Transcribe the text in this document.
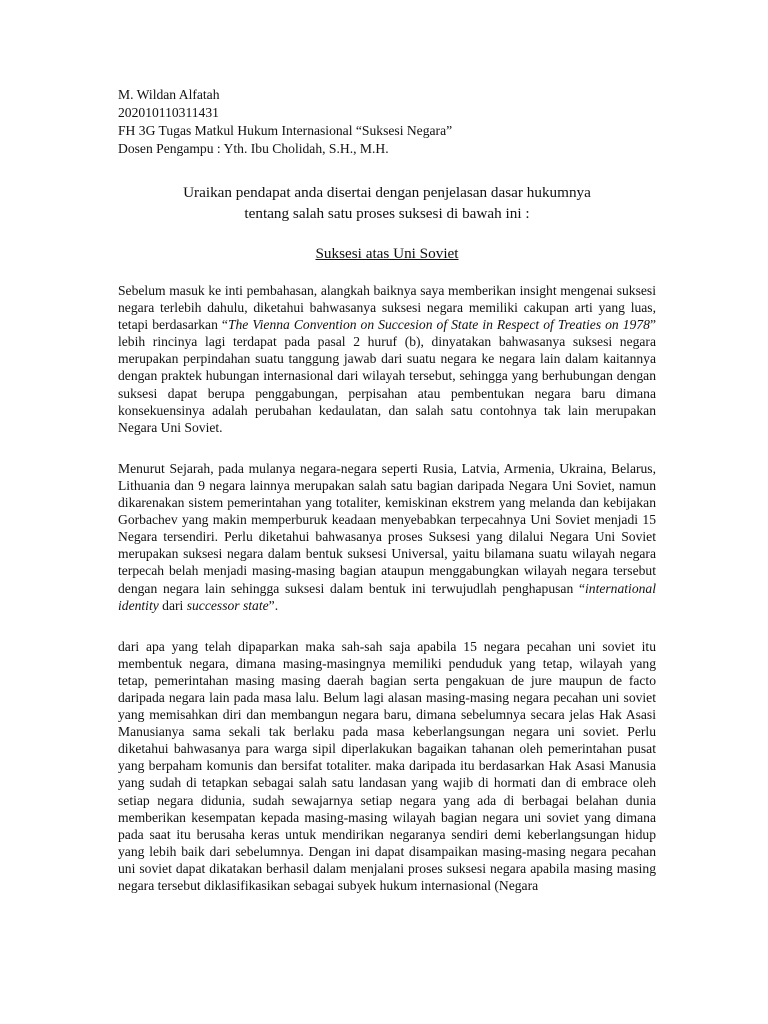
M. Wildan Alfatah

202010110311431

FH 3G Tugas Matkul Hukum Internasional “Suksesi Negara”

Dosen Pengampu : Yth. Ibu Cholidah, S.H., M.H.

Uraikan pendapat anda disertai dengan penjelasan dasar hukumnya
tentang salah satu proses suksesi di bawah ini :
Suksesi atas Uni Soviet

Sebelum masuk ke inti pembahasan, alangkah baiknya saya memberikan insight mengenai suksesi negara terlebih dahulu, diketahui bahwasanya suksesi negara memiliki cakupan arti yang luas, tetapi berdasarkan “The Vienna Convention on Succesion of State in Respect of Treaties on 1978” lebih rincinya lagi terdapat pada pasal 2 huruf (b), dinyatakan bahwasanya suksesi negara merupakan perpindahan suatu tanggung jawab dari suatu negara ke negara lain dalam kaitannya dengan praktek hubungan internasional dari wilayah tersebut, sehingga yang berhubungan dengan suksesi dapat berupa penggabungan, perpisahan atau pembentukan negara baru dimana konsekuensinya adalah perubahan kedaulatan, dan salah satu contohnya tak lain merupakan Negara Uni Soviet.

Menurut Sejarah, pada mulanya negara-negara seperti Rusia, Latvia, Armenia, Ukraina, Belarus, Lithuania dan 9 negara lainnya merupakan salah satu bagian daripada Negara Uni Soviet, namun dikarenakan sistem pemerintahan yang totaliter, kemiskinan ekstrem yang melanda dan kebijakan Gorbachev yang makin memperburuk keadaan menyebabkan terpecahnya Uni Soviet menjadi 15 Negara tersendiri. Perlu diketahui bahwasanya proses Suksesi yang dilalui Negara Uni Soviet merupakan suksesi negara dalam bentuk suksesi Universal, yaitu bilamana suatu wilayah negara terpecah belah menjadi masing-masing bagian ataupun menggabungkan wilayah negara tersebut dengan negara lain sehingga suksesi dalam bentuk ini terwujudlah penghapusan “international identity dari successor state”.

dari apa yang telah dipaparkan maka sah-sah saja apabila 15 negara pecahan uni soviet itu membentuk negara, dimana masing-masingnya memiliki penduduk yang tetap, wilayah yang tetap, pemerintahan masing masing daerah bagian serta pengakuan de jure maupun de facto daripada negara lain pada masa lalu. Belum lagi alasan masing-masing negara pecahan uni soviet yang memisahkan diri dan membangun negara baru, dimana sebelumnya secara jelas Hak Asasi Manusianya sama sekali tak berlaku pada masa keberlangsungan negara uni soviet. Perlu diketahui bahwasanya para warga sipil diperlakukan bagaikan tahanan oleh pemerintahan pusat yang berpaham komunis dan bersifat totaliter. maka daripada itu berdasarkan Hak Asasi Manusia yang sudah di tetapkan sebagai salah satu landasan yang wajib di hormati dan di embrace oleh setiap negara didunia, sudah sewajarnya setiap negara yang ada di berbagai belahan dunia memberikan kesempatan kepada masing-masing wilayah bagian negara uni soviet yang dimana pada saat itu berusaha keras untuk mendirikan negaranya sendiri demi keberlangsungan hidup yang lebih baik dari sebelumnya. Dengan ini dapat disampaikan masing-masing negara pecahan uni soviet dapat dikatakan berhasil dalam menjalani proses suksesi negara apabila masing masing negara tersebut diklasifikasikan sebagai subyek hukum internasional (Negara
